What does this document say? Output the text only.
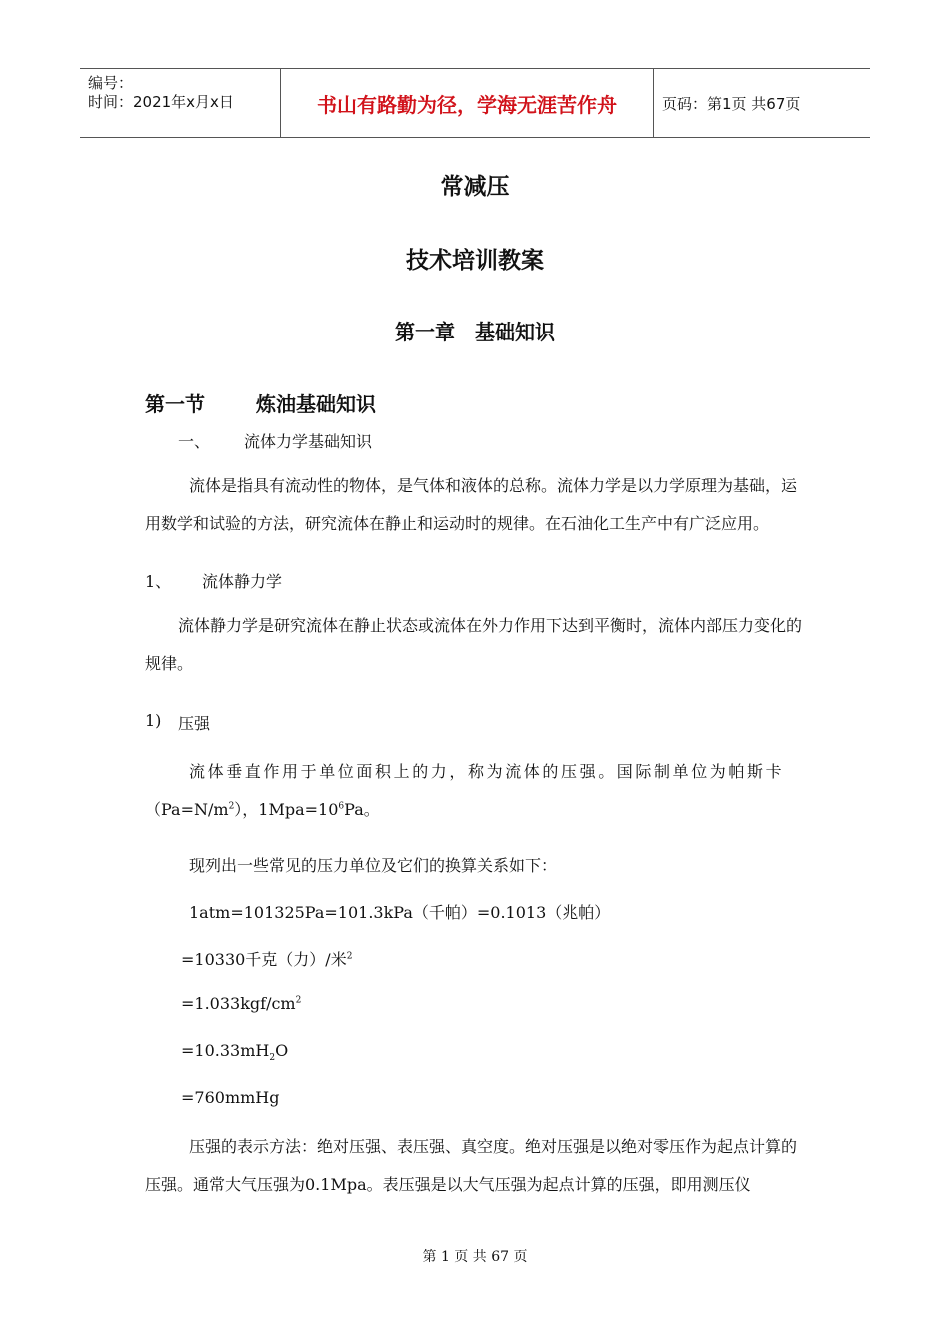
编号：
时间：2021年x月x日	书山有路勤为径，学海无涯苦作舟	页码：第1页 共67页
常减压
技术培训教案
第一章　基础知识
第一节	炼油基础知识
一、 流体力学基础知识
流体是指具有流动性的物体，是气体和液体的总称。流体力学是以力学原理为基础，运用数学和试验的方法，研究流体在静止和运动时的规律。在石油化工生产中有广泛应用。
1、 流体静力学
流体静力学是研究流体在静止状态或流体在外力作用下达到平衡时，流体内部压力变化的规律。
1) 压强
流体垂直作用于单位面积上的力，称为流体的压强。国际制单位为帕斯卡
$(Pa=N/m^2)$，$1Mpa=10^6Pa$。
现列出一些常见的压力单位及它们的换算关系如下：
1atm=101325Pa=101.3kPa（千帕）=0.1013（兆帕）
=10330千克（力）/米$^2$
$=1.033kgf/cm^2$
$=10.33mH_2O$
=760mmHg
压强的表示方法：绝对压强、表压强、真空度。绝对压强是以绝对零压作为起点计算的压强。通常大气压强为0.1Mpa。表压强是以大气压强为起点计算的压强，即用测压仪
第 1 页 共 67 页
